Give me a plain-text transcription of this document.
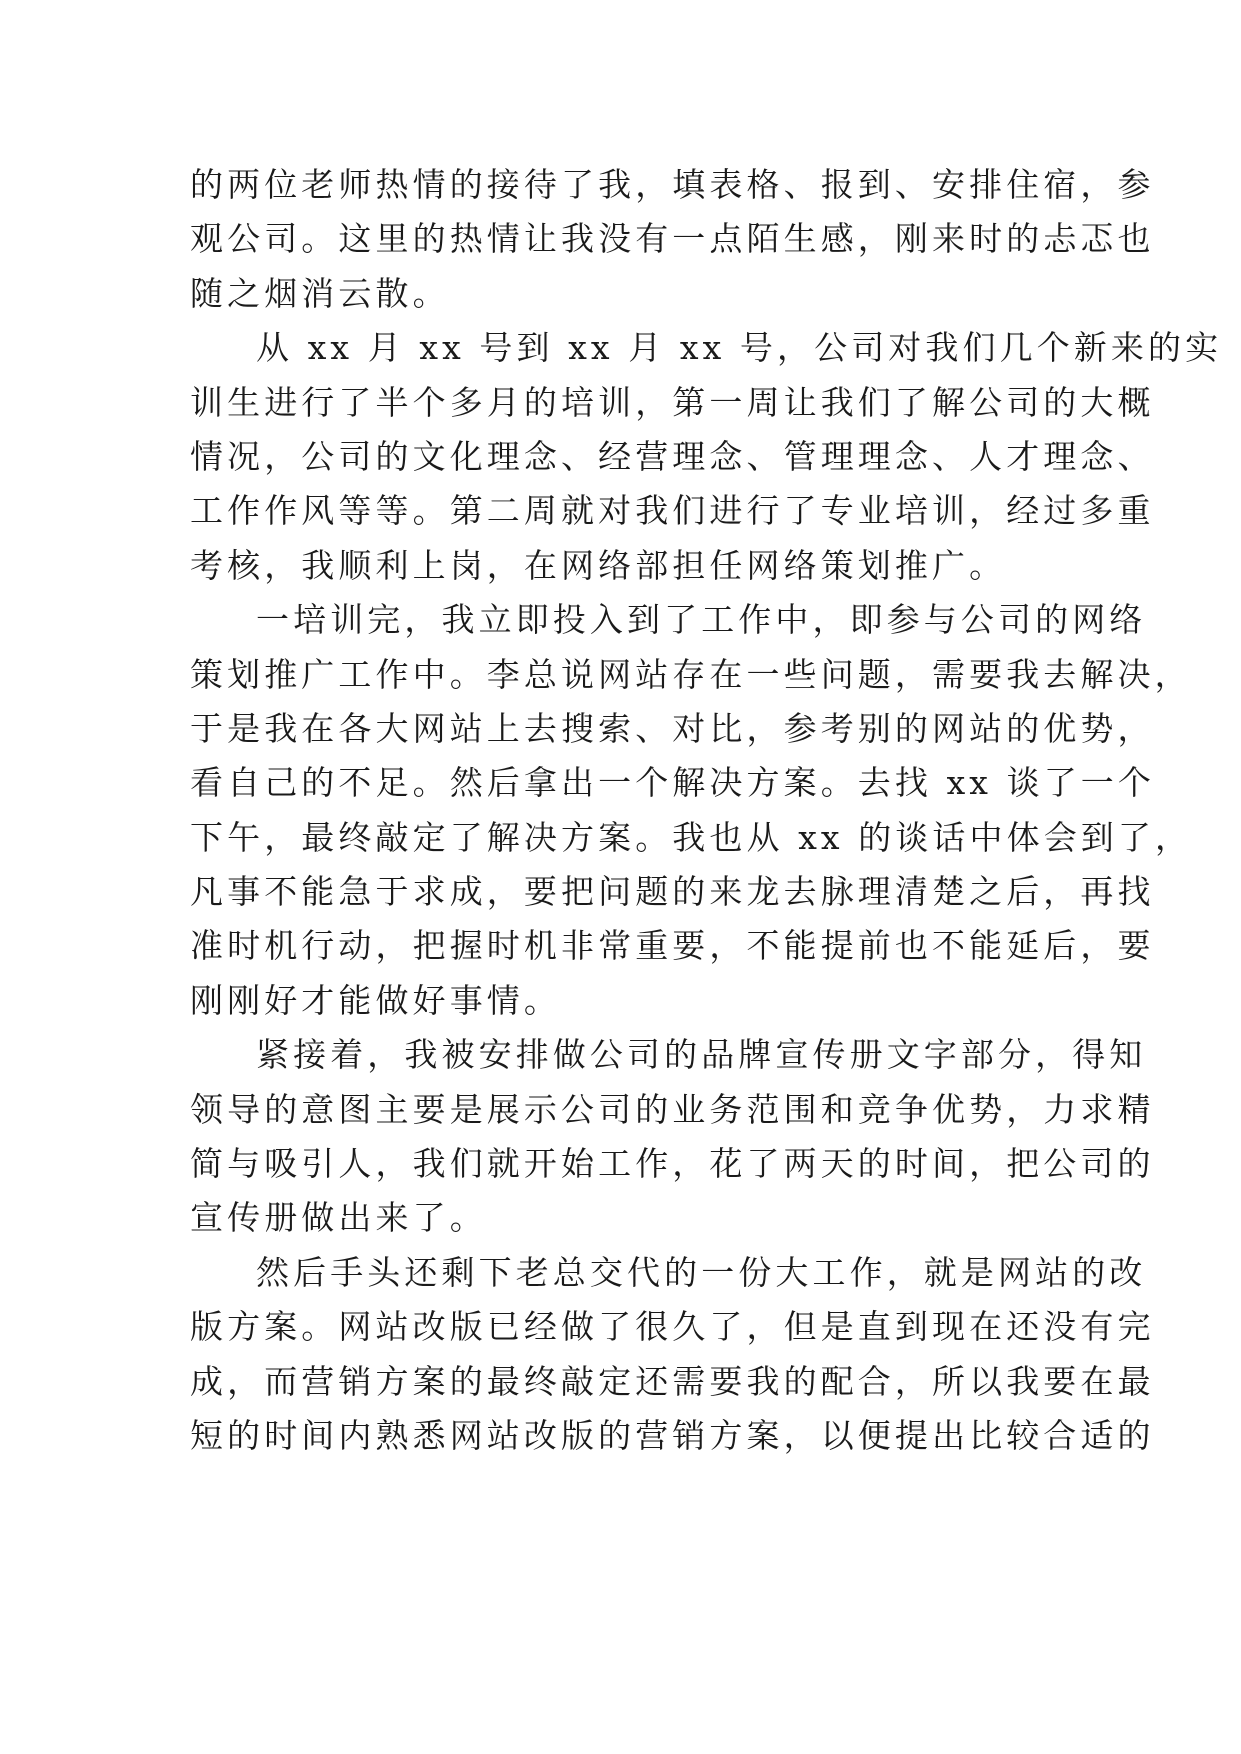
的两位老师热情的接待了我，填表格、报到、安排住宿，参
观公司。这里的热情让我没有一点陌生感，刚来时的忐忑也
随之烟消云散。
从 xx 月 xx 号到 xx 月 xx 号，公司对我们几个新来的实
训生进行了半个多月的培训，第一周让我们了解公司的大概
情况，公司的文化理念、经营理念、管理理念、人才理念、
工作作风等等。第二周就对我们进行了专业培训，经过多重
考核，我顺利上岗，在网络部担任网络策划推广。
一培训完，我立即投入到了工作中，即参与公司的网络
策划推广工作中。李总说网站存在一些问题，需要我去解决，
于是我在各大网站上去搜索、对比，参考别的网站的优势，
看自己的不足。然后拿出一个解决方案。去找 xx 谈了一个
下午，最终敲定了解决方案。我也从 xx 的谈话中体会到了，
凡事不能急于求成，要把问题的来龙去脉理清楚之后，再找
准时机行动，把握时机非常重要，不能提前也不能延后，要
刚刚好才能做好事情。
紧接着，我被安排做公司的品牌宣传册文字部分，得知
领导的意图主要是展示公司的业务范围和竞争优势，力求精
简与吸引人，我们就开始工作，花了两天的时间，把公司的
宣传册做出来了。
然后手头还剩下老总交代的一份大工作，就是网站的改
版方案。网站改版已经做了很久了，但是直到现在还没有完
成，而营销方案的最终敲定还需要我的配合，所以我要在最
短的时间内熟悉网站改版的营销方案，以便提出比较合适的
